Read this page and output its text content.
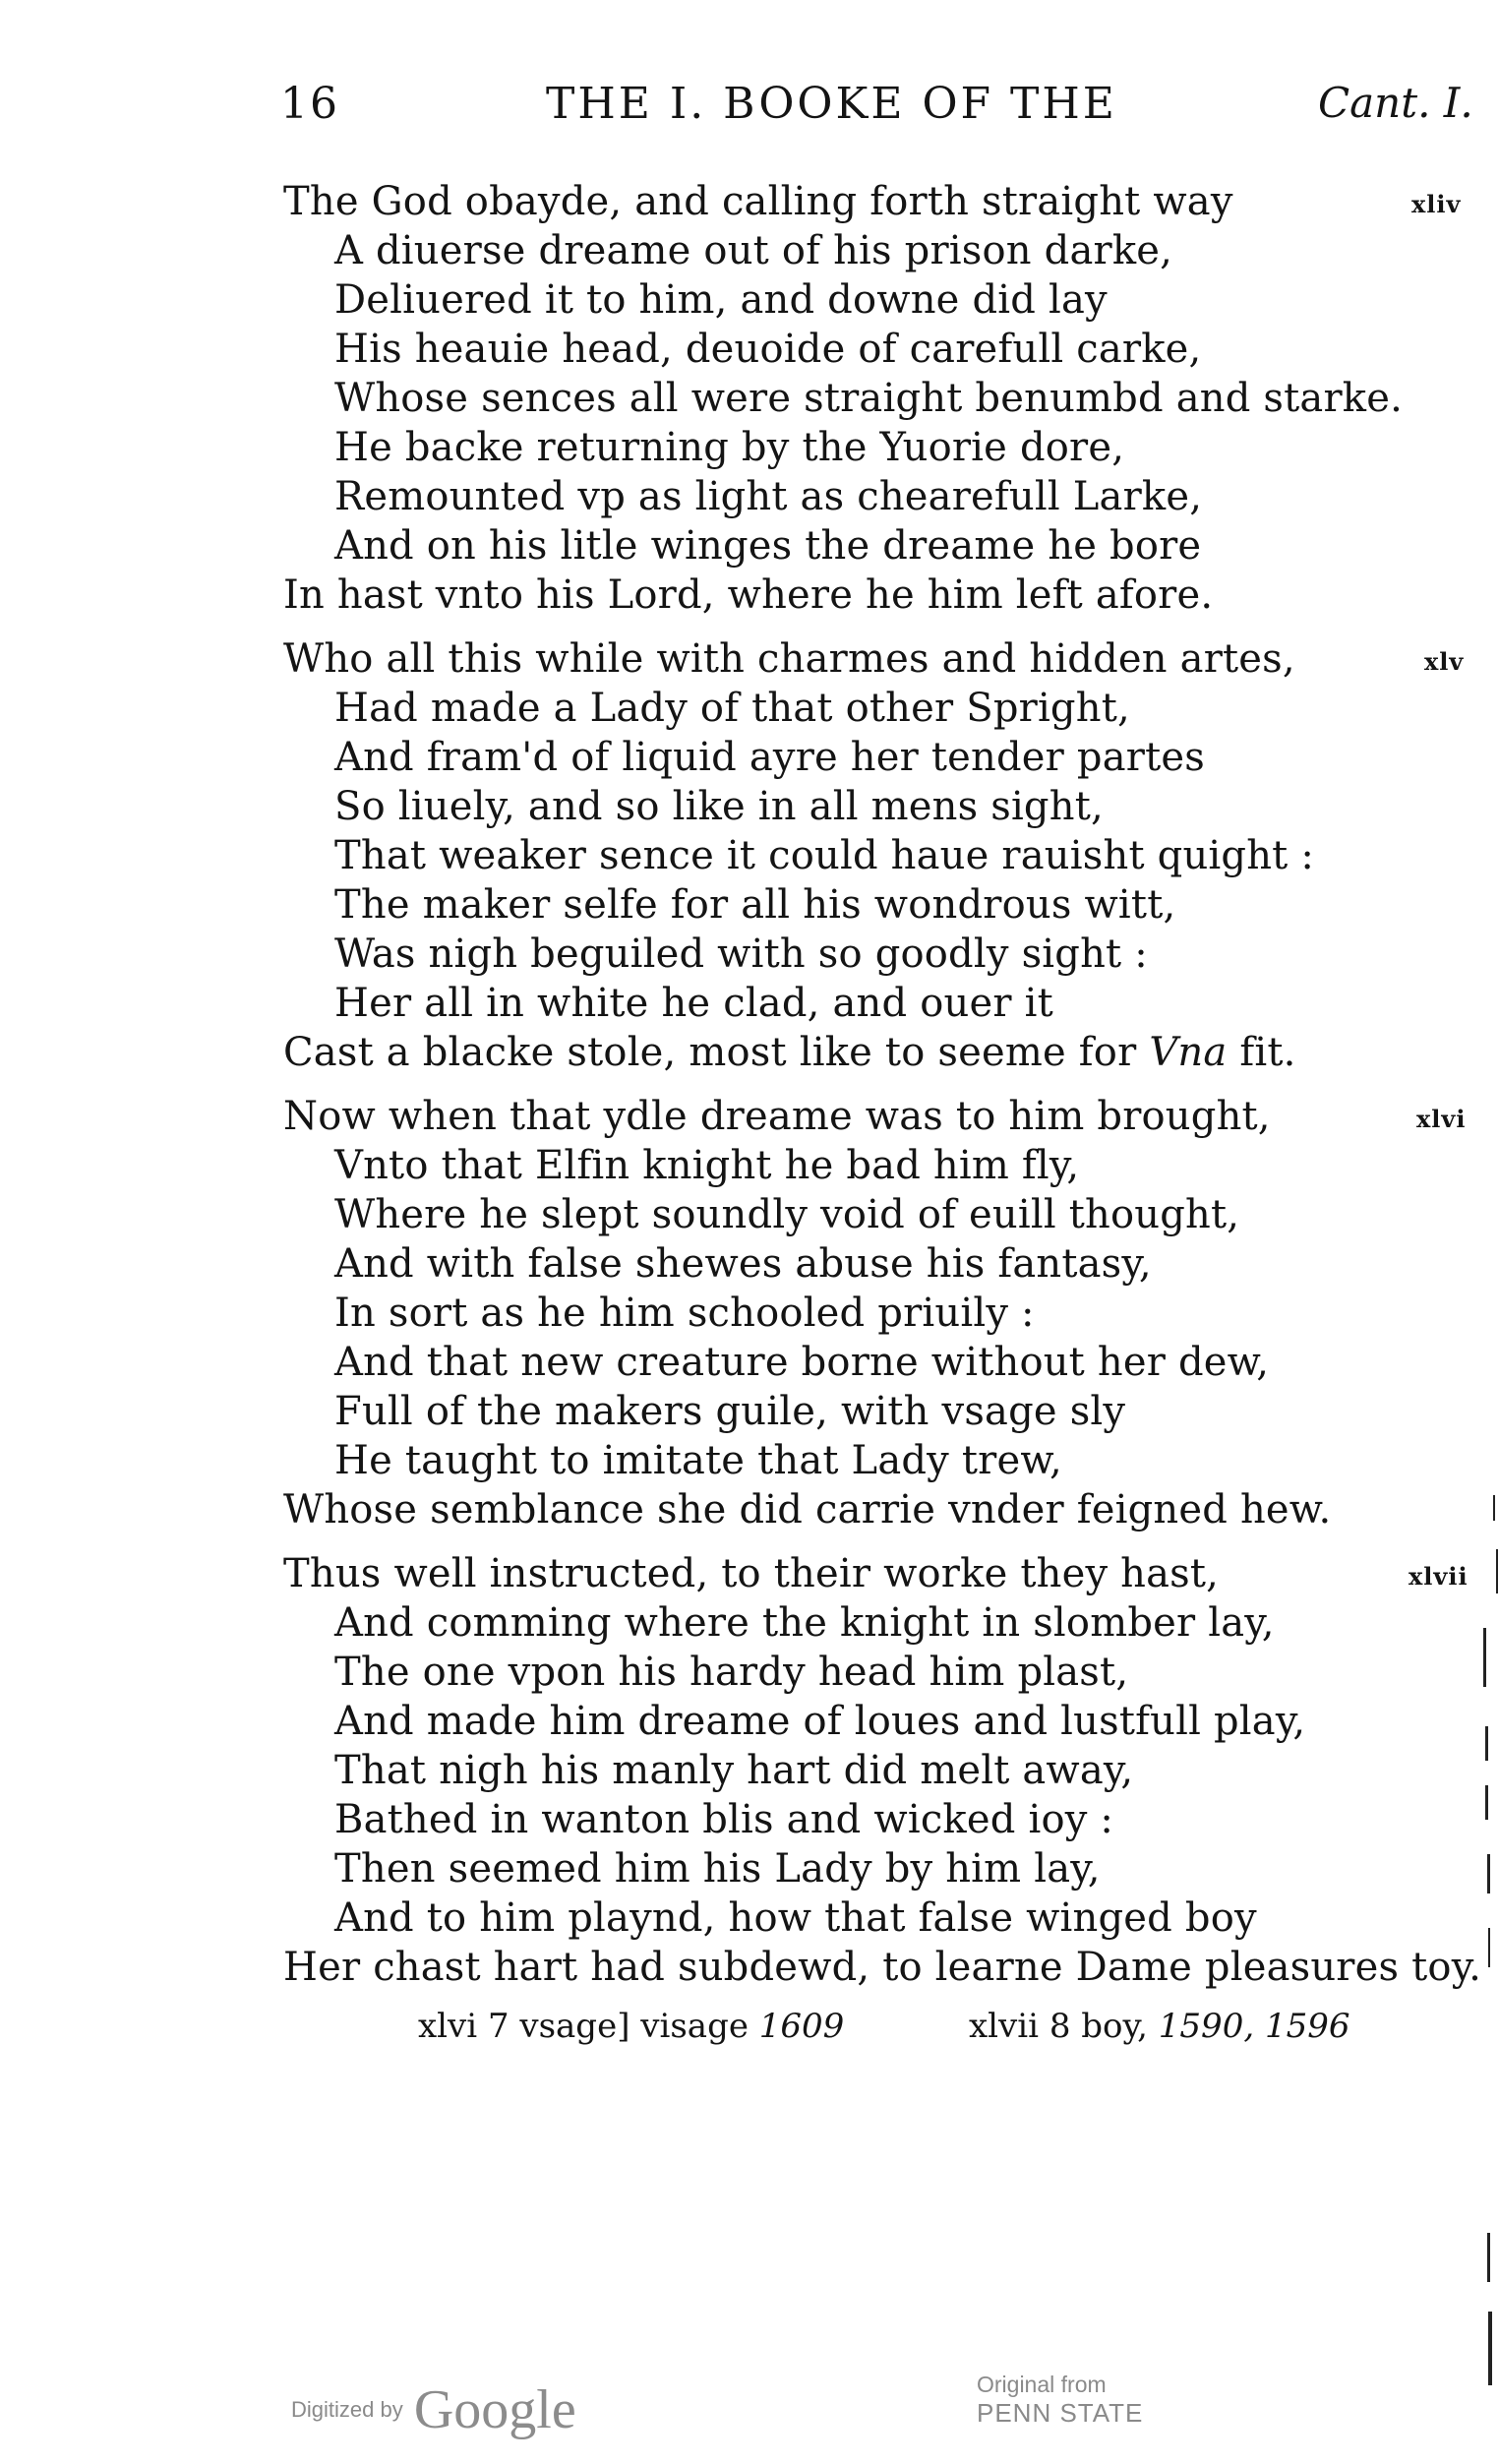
16	THE I. BOOKE OF THE	Cant. I.
xliv
The God obayde, and calling forth straight way
A diuerse dreame out of his prison darke,
Deliuered it to him, and downe did lay
His heauie head, deuoide of carefull carke,
Whose sences all were straight benumbd and starke.
He backe returning by the Yuorie dore,
Remounted vp as light as chearefull Larke,
And on his litle winges the dreame he bore
In hast vnto his Lord, where he him left afore.
xlv
Who all this while with charmes and hidden artes,
Had made a Lady of that other Spright,
And fram'd of liquid ayre her tender partes
So liuely, and so like in all mens sight,
That weaker sence it could haue rauisht quight :
The maker selfe for all his wondrous witt,
Was nigh beguiled with so goodly sight :
Her all in white he clad, and ouer it
Cast a blacke stole, most like to seeme for Vna fit.
xlvi
Now when that ydle dreame was to him brought,
Vnto that Elfin knight he bad him fly,
Where he slept soundly void of euill thought,
And with false shewes abuse his fantasy,
In sort as he him schooled priuily :
And that new creature borne without her dew,
Full of the makers guile, with vsage sly
He taught to imitate that Lady trew,
Whose semblance she did carrie vnder feigned hew.
xlvii
Thus well instructed, to their worke they hast,
And comming where the knight in slomber lay,
The one vpon his hardy head him plast,
And made him dreame of loues and lustfull play,
That nigh his manly hart did melt away,
Bathed in wanton blis and wicked ioy :
Then seemed him his Lady by him lay,
And to him playnd, how that false winged boy
Her chast hart had subdewd, to learne Dame pleasures toy.
xlvi 7 vsage] visage 1609	xlvii 8 boy, 1590, 1596
Digitized by Google	Original from
PENN STATE
